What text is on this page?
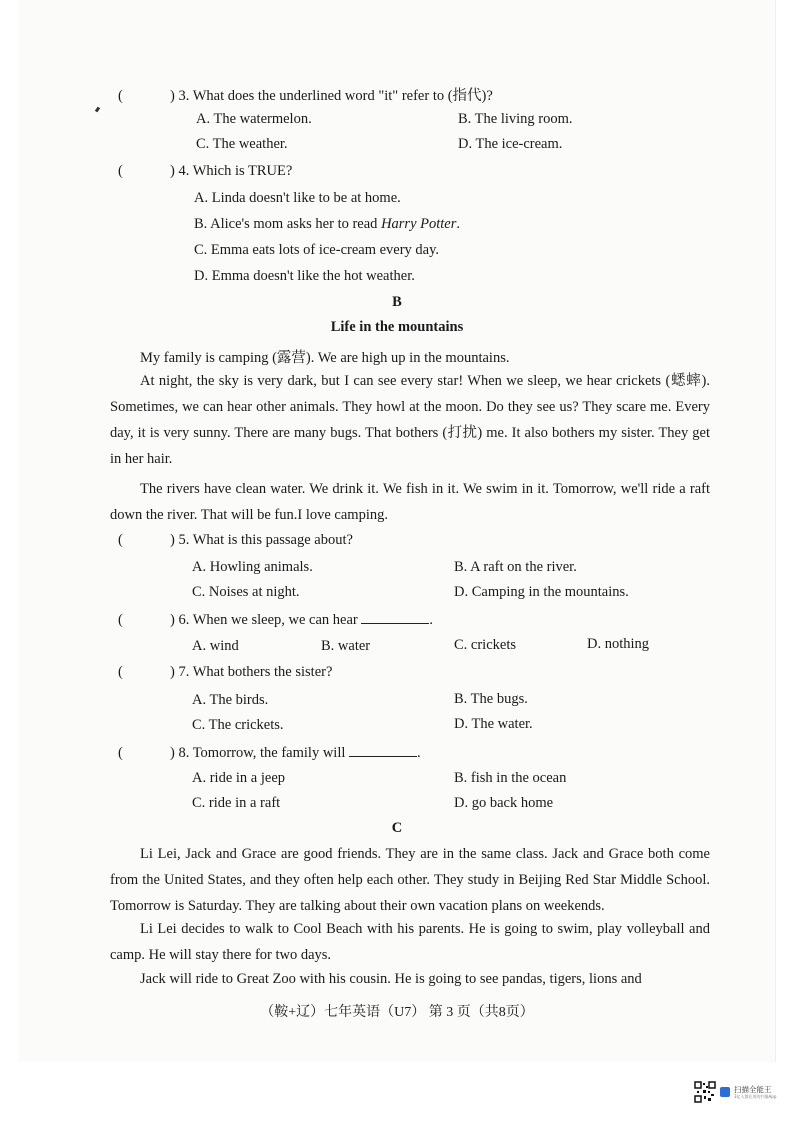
(	) 3. What does the underlined word "it" refer to (指代)?
A. The watermelon.	B. The living room.
C. The weather.	D. The ice-cream.
(	) 4. Which is TRUE?
A. Linda doesn't like to be at home.
B. Alice's mom asks her to read Harry Potter.
C. Emma eats lots of ice-cream every day.
D. Emma doesn't like the hot weather.
B
Life in the mountains
My family is camping (露营). We are high up in the mountains.
At night, the sky is very dark, but I can see every star! When we sleep, we hear crickets (蟋蟀). Sometimes, we can hear other animals. They howl at the moon. Do they see us? They scare me. Every day, it is very sunny. There are many bugs. That bothers (打扰) me. It also bothers my sister. They get in her hair.
The rivers have clean water. We drink it. We fish in it. We swim in it. Tomorrow, we'll ride a raft down the river. That will be fun.I love camping.
(	) 5. What is this passage about?
A. Howling animals.	B. A raft on the river.
C. Noises at night.	D. Camping in the mountains.
(	) 6. When we sleep, we can hear	.
A. wind	B. water	C. crickets	D. nothing
(	) 7. What bothers the sister?
A. The birds.	B. The bugs.
C. The crickets.	D. The water.
(	) 8. Tomorrow, the family will	.
A. ride in a jeep	B. fish in the ocean
C. ride in a raft	D. go back home
C
Li Lei, Jack and Grace are good friends. They are in the same class. Jack and Grace both come from the United States, and they often help each other. They study in Beijing Red Star Middle School. Tomorrow is Saturday. They are talking about their own vacation plans on weekends.
Li Lei decides to walk to Cool Beach with his parents. He is going to swim, play volleyball and camp. He will stay there for two days.
Jack will ride to Great Zoo with his cousin. He is going to see pandas, tigers, lions and
（鞍+辽）七年英语（U7） 第 3 页（共8页）
扫描全能王
3亿人都在用的扫描App
